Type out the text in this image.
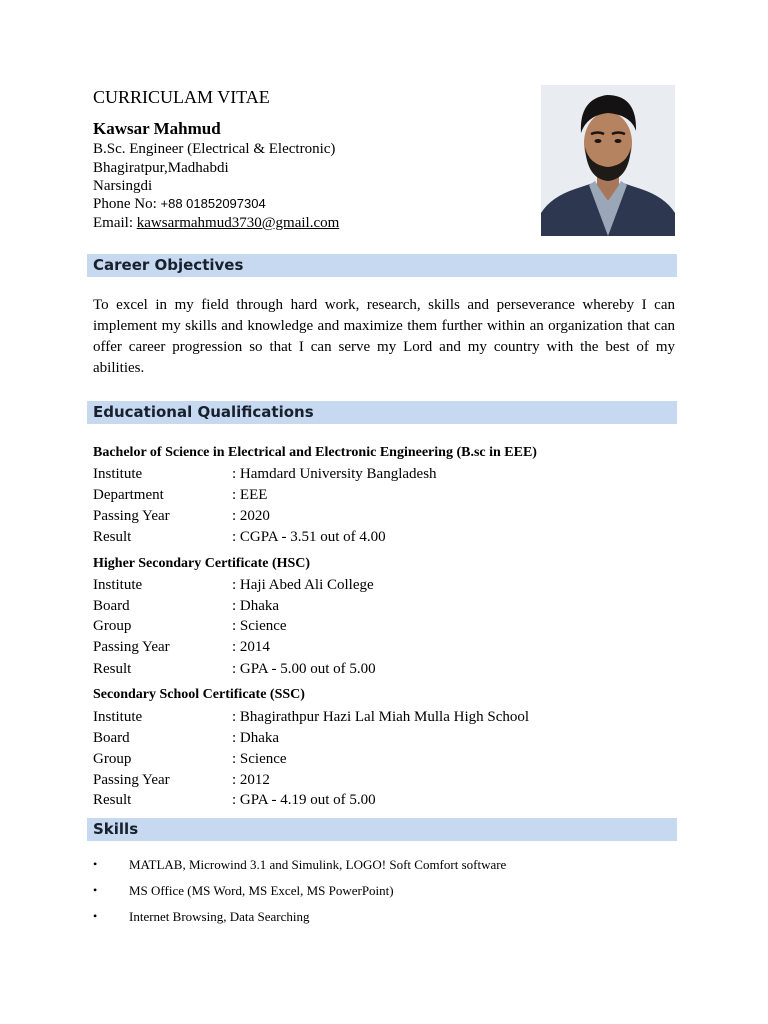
CURRICULAM VITAE
Kawsar Mahmud
B.Sc. Engineer (Electrical & Electronic)
Bhagiratpur,Madhabdi
Narsingdi
Phone No: +88 01852097304
Email: kawsarmahmud3730@gmail.com
Career Objectives
To excel in my field through hard work, research, skills and perseverance whereby I can implement my skills and knowledge and maximize them further within an organization that can offer career progression so that I can serve my Lord and my country with the best of my abilities.
Educational Qualifications
Bachelor of Science in Electrical and Electronic Engineering (B.sc in EEE)
Institute	: Hamdard University Bangladesh
Department	: EEE
Passing Year	: 2020
Result	: CGPA - 3.51 out of 4.00
Higher Secondary Certificate (HSC)
Institute	: Haji Abed Ali College
Board	: Dhaka
Group	: Science
Passing Year	: 2014
Result	: GPA - 5.00 out of 5.00
Secondary School Certificate (SSC)
Institute	: Bhagirathpur Hazi Lal Miah Mulla High School
Board	: Dhaka
Group	: Science
Passing Year	: 2012
Result	: GPA - 4.19 out of 5.00
Skills
• MATLAB, Microwind 3.1 and Simulink, LOGO! Soft Comfort software
• MS Office (MS Word, MS Excel, MS PowerPoint)
• Internet Browsing, Data Searching
